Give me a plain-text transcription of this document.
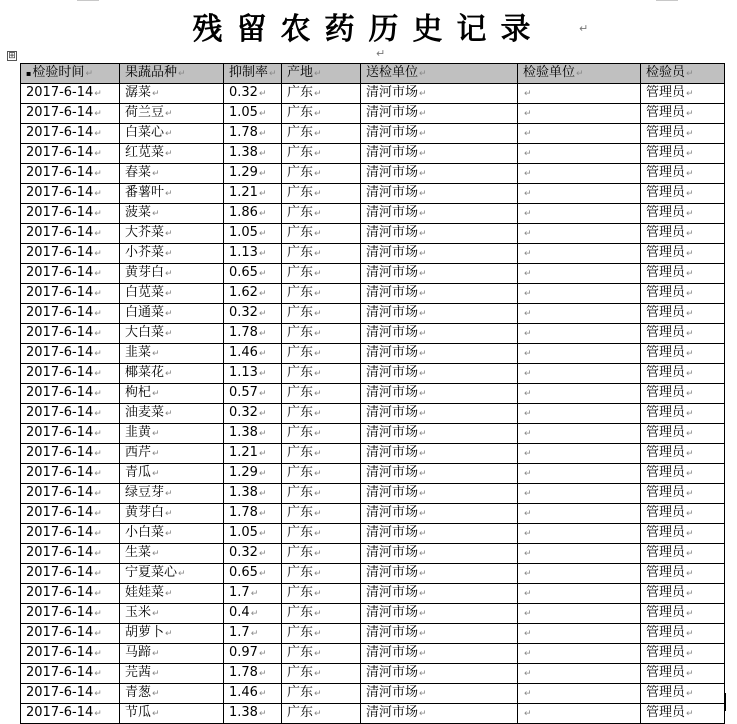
残留农药历史记录	↵
↵
⊞
▪检验时间↵	果蔬品种↵	抑制率↵	产地↵	送检单位↵	检验单位↵	检验员↵
2017-6-14↵	潺菜↵	0.32↵	广东↵	清河市场↵	↵	管理员↵
2017-6-14↵	荷兰豆↵	1.05↵	广东↵	清河市场↵	↵	管理员↵
2017-6-14↵	白菜心↵	1.78↵	广东↵	清河市场↵	↵	管理员↵
2017-6-14↵	红苋菜↵	1.38↵	广东↵	清河市场↵	↵	管理员↵
2017-6-14↵	春菜↵	1.29↵	广东↵	清河市场↵	↵	管理员↵
2017-6-14↵	番薯叶↵	1.21↵	广东↵	清河市场↵	↵	管理员↵
2017-6-14↵	菠菜↵	1.86↵	广东↵	清河市场↵	↵	管理员↵
2017-6-14↵	大芥菜↵	1.05↵	广东↵	清河市场↵	↵	管理员↵
2017-6-14↵	小芥菜↵	1.13↵	广东↵	清河市场↵	↵	管理员↵
2017-6-14↵	黄芽白↵	0.65↵	广东↵	清河市场↵	↵	管理员↵
2017-6-14↵	白苋菜↵	1.62↵	广东↵	清河市场↵	↵	管理员↵
2017-6-14↵	白通菜↵	0.32↵	广东↵	清河市场↵	↵	管理员↵
2017-6-14↵	大白菜↵	1.78↵	广东↵	清河市场↵	↵	管理员↵
2017-6-14↵	韭菜↵	1.46↵	广东↵	清河市场↵	↵	管理员↵
2017-6-14↵	椰菜花↵	1.13↵	广东↵	清河市场↵	↵	管理员↵
2017-6-14↵	枸杞↵	0.57↵	广东↵	清河市场↵	↵	管理员↵
2017-6-14↵	油麦菜↵	0.32↵	广东↵	清河市场↵	↵	管理员↵
2017-6-14↵	韭黄↵	1.38↵	广东↵	清河市场↵	↵	管理员↵
2017-6-14↵	西芹↵	1.21↵	广东↵	清河市场↵	↵	管理员↵
2017-6-14↵	青瓜↵	1.29↵	广东↵	清河市场↵	↵	管理员↵
2017-6-14↵	绿豆芽↵	1.38↵	广东↵	清河市场↵	↵	管理员↵
2017-6-14↵	黄芽白↵	1.78↵	广东↵	清河市场↵	↵	管理员↵
2017-6-14↵	小白菜↵	1.05↵	广东↵	清河市场↵	↵	管理员↵
2017-6-14↵	生菜↵	0.32↵	广东↵	清河市场↵	↵	管理员↵
2017-6-14↵	宁夏菜心↵	0.65↵	广东↵	清河市场↵	↵	管理员↵
2017-6-14↵	娃娃菜↵	1.7↵	广东↵	清河市场↵	↵	管理员↵
2017-6-14↵	玉米↵	0.4↵	广东↵	清河市场↵	↵	管理员↵
2017-6-14↵	胡萝卜↵	1.7↵	广东↵	清河市场↵	↵	管理员↵
2017-6-14↵	马蹄↵	0.97↵	广东↵	清河市场↵	↵	管理员↵
2017-6-14↵	芫茜↵	1.78↵	广东↵	清河市场↵	↵	管理员↵
2017-6-14↵	青葱↵	1.46↵	广东↵	清河市场↵	↵	管理员↵
2017-6-14↵	节瓜↵	1.38↵	广东↵	清河市场↵	↵	管理员↵
